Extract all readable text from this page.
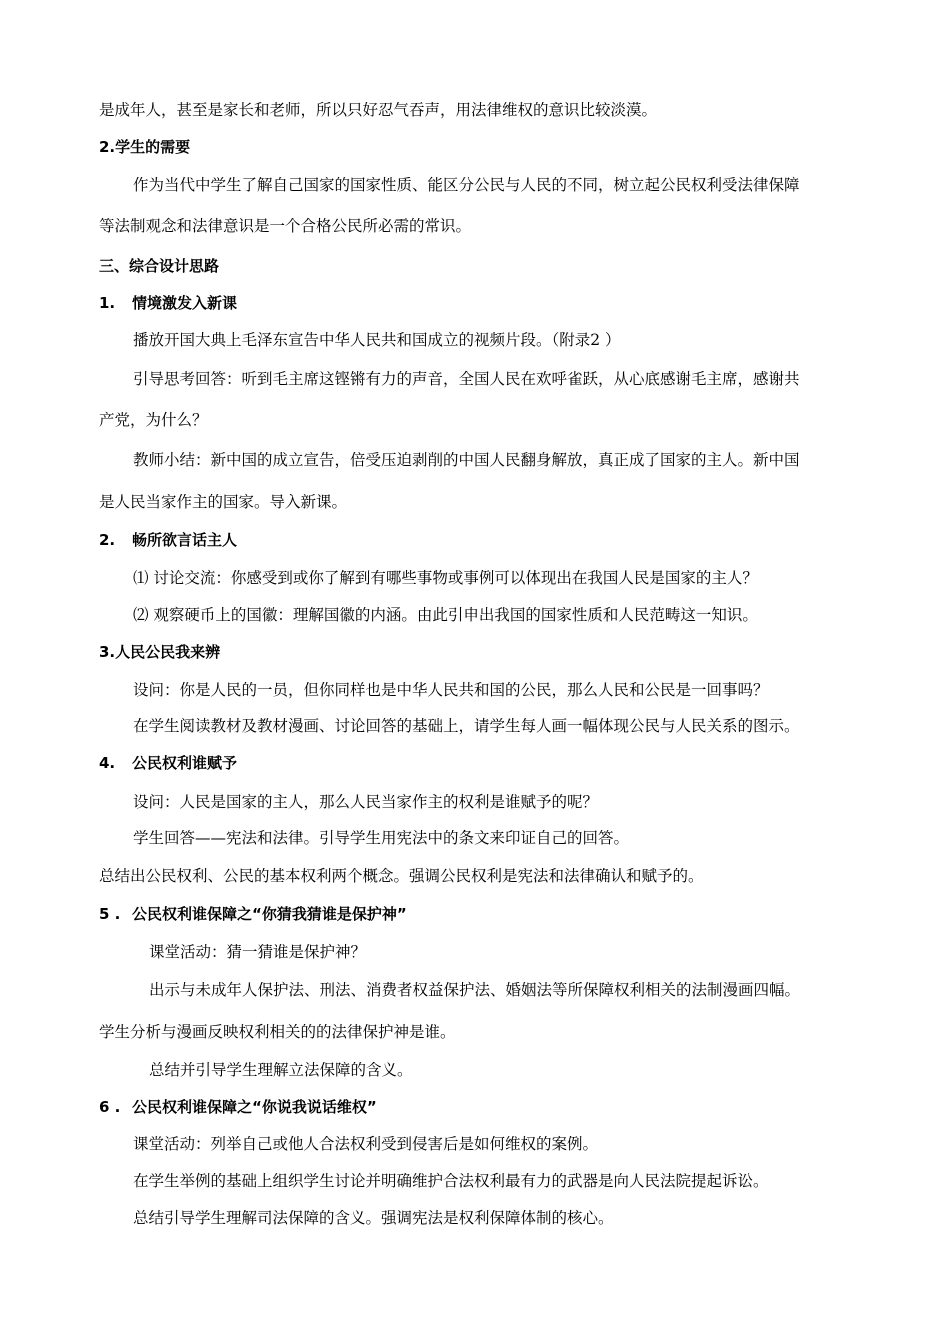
是成年人，甚至是家长和老师，所以只好忍气吞声，用法律维权的意识比较淡漠。
2.学生的需要
作为当代中学生了解自己国家的国家性质、能区分公民与人民的不同，树立起公民权利受法律保障
等法制观念和法律意识是一个合格公民所必需的常识。
三、综合设计思路
1. 情境激发入新课
播放开国大典上毛泽东宣告中华人民共和国成立的视频片段。（附录2 ）
引导思考回答：听到毛主席这铿锵有力的声音，全国人民在欢呼雀跃，从心底感谢毛主席，感谢共
产党，为什么？
教师小结：新中国的成立宣告，倍受压迫剥削的中国人民翻身解放，真正成了国家的主人。新中国
是人民当家作主的国家。导入新课。
2. 畅所欲言话主人
⑴ 讨论交流：你感受到或你了解到有哪些事物或事例可以体现出在我国人民是国家的主人？
⑵ 观察硬币上的国徽：理解国徽的内涵。由此引申出我国的国家性质和人民范畴这一知识。
3.人民公民我来辨
设问：你是人民的一员，但你同样也是中华人民共和国的公民，那么人民和公民是一回事吗？
在学生阅读教材及教材漫画、讨论回答的基础上，请学生每人画一幅体现公民与人民关系的图示。
4. 公民权利谁赋予
设问：人民是国家的主人，那么人民当家作主的权利是谁赋予的呢？
学生回答——宪法和法律。引导学生用宪法中的条文来印证自己的回答。
总结出公民权利、公民的基本权利两个概念。强调公民权利是宪法和法律确认和赋予的。
5 . 公民权利谁保障之“你猜我猜谁是保护神”
课堂活动：猜一猜谁是保护神？
出示与未成年人保护法、刑法、消费者权益保护法、婚姻法等所保障权利相关的法制漫画四幅。
学生分析与漫画反映权利相关的的法律保护神是谁。
总结并引导学生理解立法保障的含义。
6 . 公民权利谁保障之“你说我说话维权”
课堂活动：列举自己或他人合法权利受到侵害后是如何维权的案例。
在学生举例的基础上组织学生讨论并明确维护合法权利最有力的武器是向人民法院提起诉讼。
总结引导学生理解司法保障的含义。强调宪法是权利保障体制的核心。
